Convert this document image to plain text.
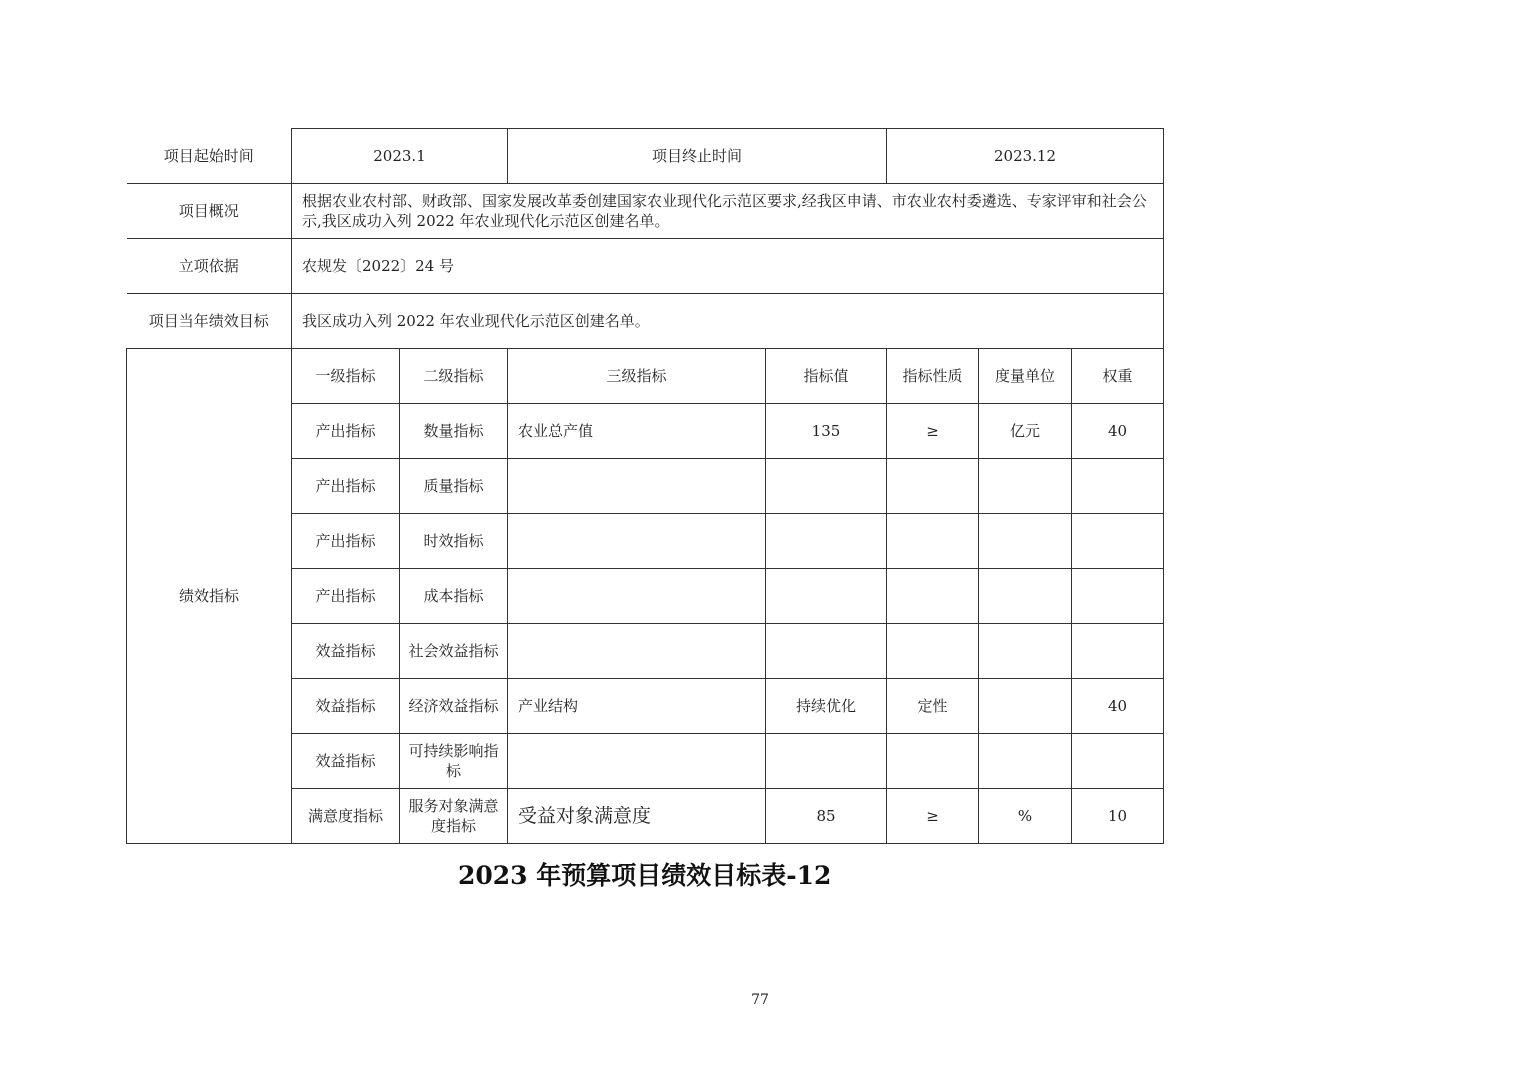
项目起始时间	2023.1		项目终止时间		2023.12		
项目概况	根据农业农村部、财政部、国家发展改革委创建国家农业现代化示范区要求,经我区申请、市农业农村委遴选、专家评审和社会公示,我区成功入列 2022 年农业现代化示范区创建名单。						
立项依据	农规发〔2022〕24 号						
项目当年绩效目标	我区成功入列 2022 年农业现代化示范区创建名单。						
绩效指标	一级指标	二级指标	三级指标	指标值	指标性质	度量单位	权重
	产出指标	数量指标	农业总产值	135	≥	亿元	40
	产出指标	质量指标					
	产出指标	时效指标					
	产出指标	成本指标					
	效益指标	社会效益指标					
	效益指标	经济效益指标	产业结构	持续优化	定性		40
	效益指标	可持续影响指标					
	满意度指标	服务对象满意度指标	受益对象满意度	85	≥	%	10
2023 年预算项目绩效目标表-12
77
